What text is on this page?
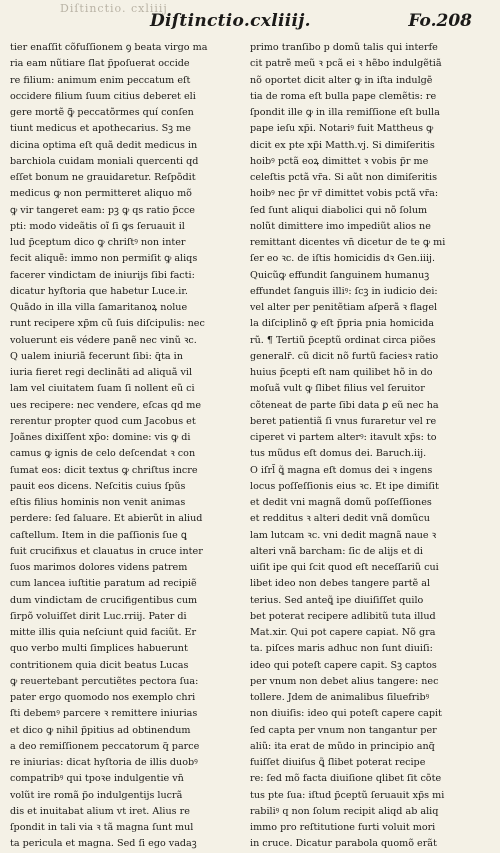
Diſtinctio. cxliiij
Diſtinctio.cxliiij.	Fo.208
tier enaſſit cõfuſſionem ꝯ beata virgo ma
ria eam nũtiare ſlat p̃poſuerat occide
re filium: animum enim peccatum eſt
occidere filium ſuum citius deberet eli
gere mortẽ ꝙ̃ peccatõrmes quí conſen
tiunt medicus et apothecarius. Sꝫ me
dicina optima eſt quã dedit medicus in
barchiola cuidam moniali quercenti qd
eſſet bonum ne grauidaretur. Reſpõdit
medicus ꝙ non permitteret aliquo mõ
ꝙ vir tangeret eam: pꝫ ꝙ qs ratio p̃cce
pti: modo videãtis oĩ ſi ꝙs ſeruauit il
lud p̃ceptum dico ꝙ chriſtꝰ non inter
fecit aliquẽ: immo non permiſit ꝙ aliqs
facerer vindictam de iniurijs ſibi facti:
dicatur hyſtoria que habetur Luce.ir.
Quãdo in illa villa ſamaritanoꝝ nolue
runt recipere xp̃m cũ ſuis diſcipulis: nec
voluerunt eis védere panẽ nec vinũ ꝛc.
Q ualem iniuriã fecerunt ſibi: q̃ta in
iuria fieret regi declinãti ad aliquã vil
lam vel ciuitatem ſuam ſi nollent eũ ci
ues recipere: nec vendere, eſcas qd me
rerentur propter quod cum Jacobus et
Joãnes dixiſſent xp̃o: domine: vis ꝙ di
camus ꝙ ignis de celo deſcendat ꝛ con
ſumat eos: dicit textus ꝙ chriſtus incre
pauit eos dicens. Neſcitis cuius ſpũs
eſtis filius hominis non venit animas
perdere: ſed ſaluare. Et abierũt in aliud
caſtellum. Item in die paſſionis ſue ꝗ
fuit crucifixus et clauatus in cruce inter
ſuos marimos dolores videns patrem
cum lancea iuſtitie paratum ad recipiẽ
dum vindictam de crucifigentibus cum
ſirpõ voluiſſet dirit Luc.rriij. Pater di
mitte illis quia neſciunt quid faciũt. Er
quo verbo multi ſimplices habuerunt
contritionem quia dicit beatus Lucas
ꝙ reuertebant percutiẽtes pectora ſua:
pater ergo quomodo nos exemplo chri
ſti debemꝰ parcere ꝛ remittere iniurias
et dico ꝙ nihil p̃pitius ad obtinendum
a deo remiſſionem peccatorum q̃ parce
re iniurias: dicat hyſtoria de illis duobꝰ
compatribꝰ qui tpoꝛe indulgentie vn̄
volũt ire romã p̃o indulgentijs lucrã
dis et inuitabat alium vt iret. Alius re
ſpondit in tali via ꝛ tã magna ſunt mul
ta pericula et magna. Sed ſi ego vadaꝫ
primo tranſibo p domũ talis qui interfe
cit patrẽ meũ ꝛ pcã ei ꝛ hẽbo indulgẽtiã
nõ oportet dicit alter ꝙ in iſta indulgẽ
tia de roma eſt bulla pape clemẽtis: re
ſpondit ille ꝙ in illa remiſſione eſt bulla
pape ieſu xp̃i. Notariꝰ fuit Mattheus ꝙ
dicit ex pte xp̃i Matth.vj. Si dimiſeritis
hoibꝰ pctã eoꝝ dimittet ꝛ vobis p̃r me
celeſtis pctã vr̃a. Si aũt non dimiſeritis
hoibꝰ nec p̃r vr̃ dimittet vobis pctã vr̃a:
ſed ſunt aliqui diabolici qui nõ ſolum
nolũt dimittere imo impediũt alios ne
remittant dicentes vn̄ dicetur de te ꝙ mi
ſer eo ꝛc. de iſtis homicidis dꝛ Gen.iiij.
Quicũꝙ effundit ſanguinem humanuꝫ
effundet ſanguis illiꝰ: ſcꝫ in iudicio dei:
vel alter per penitẽtiam aſperã ꝛ flagel
la diſciplinõ ꝙ eſt p̃pria pnia homicida
rũ. ¶ Tertiũ p̃ceptũ ordinat circa piões
generalr̃. cũ dicit nõ furtũ faciesꝛ ratio
huius p̃cepti eſt nam quilibet hõ in do
moſuã vult ꝙ ſlibet filius vel ſeruitor
cõteneat de parte ſibi data ꝑ eũ nec ha
beret patientiã ſi vnus furaretur vel re
ciperet vi partem alterꝰ: itavult xp̃s: to
tus mũdus eſt domus dei. Baruch.iij.
O iſrl̃ ꝗ̃ magna eſt domus dei ꝛ ingens
locus poſſeſſionis eius ꝛc. Et ipe dimiſit
et dedit vni magnã domũ poſſeſſiones
et redditus ꝛ alteri dedit vnã domũcu
lam lutcam ꝛc. vni dedit magnã naue ꝛ
alteri vnã barcham: ſic de alijs et di
uiſit ipe qui ſcit quod eſt neceſſariũ cui
libet ideo non debes tangere partẽ al
terius. Sed anteꝗ̃ ipe diuiſiſſet quilo
bet poterat recipere adlibitũ tuta illud
Mat.xir. Qui pot capere capiat. Nõ gra
ta. piſces maris adhuc non ſunt diuiſi:
ideo qui poteſt capere capit. Sꝫ captos
per vnum non debet alius tangere: nec
tollere. Jdem de animalibus ſiluefribꝰ
non diuiſis: ideo qui poteſt capere capit
ſed capta per vnum non tangantur per
aliũ: ita erat de mũdo in principio anq̃
fuiſſet diuiſus ꝗ̃ ſlibet poterat recipe
re: ſed mõ facta diuiſione qlibet ſit cõte
tus pte ſua: iſtud p̃ceptũ ſeruauit xp̃s mi
rabiliꝰ q non ſolum recipit aliqd ab aliq
immo pro reſtitutione furti voluit mori
in cruce. Dicatur parabola quomõ erãt
